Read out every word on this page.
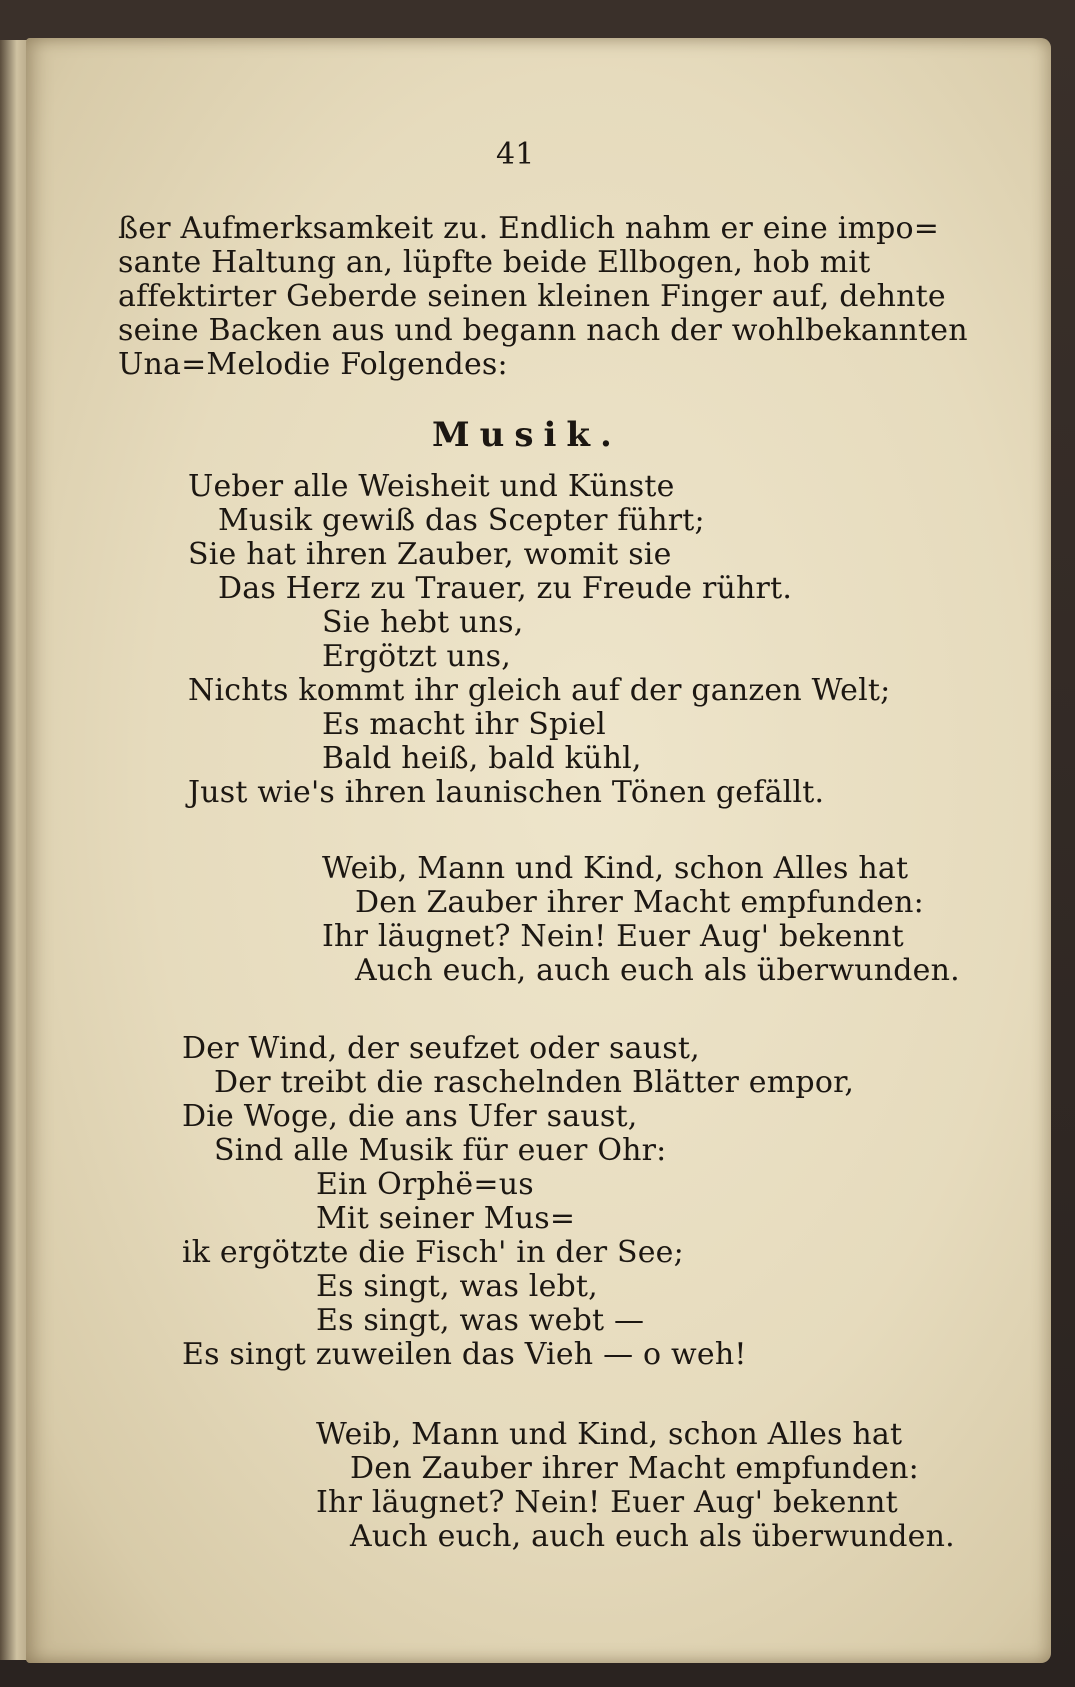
41
ßer Aufmerksamkeit zu. Endlich nahm er eine impo=
sante Haltung an, lüpfte beide Ellbogen, hob mit
affektirter Geberde seinen kleinen Finger auf, dehnte
seine Backen aus und begann nach der wohlbekannten
Una=Melodie Folgendes:
Musik.
Ueber alle Weisheit und Künste
Musik gewiß das Scepter führt;
Sie hat ihren Zauber, womit sie
Das Herz zu Trauer, zu Freude rührt.
Sie hebt uns,
Ergötzt uns,
Nichts kommt ihr gleich auf der ganzen Welt;
Es macht ihr Spiel
Bald heiß, bald kühl,
Just wie's ihren launischen Tönen gefällt.
Weib, Mann und Kind, schon Alles hat
Den Zauber ihrer Macht empfunden:
Ihr läugnet? Nein! Euer Aug' bekennt
Auch euch, auch euch als überwunden.
Der Wind, der seufzet oder saust,
Der treibt die raschelnden Blätter empor,
Die Woge, die ans Ufer saust,
Sind alle Musik für euer Ohr:
Ein Orphë=us
Mit seiner Mus=
ik ergötzte die Fisch' in der See;
Es singt, was lebt,
Es singt, was webt —
Es singt zuweilen das Vieh — o weh!
Weib, Mann und Kind, schon Alles hat
Den Zauber ihrer Macht empfunden:
Ihr läugnet? Nein! Euer Aug' bekennt
Auch euch, auch euch als überwunden.
